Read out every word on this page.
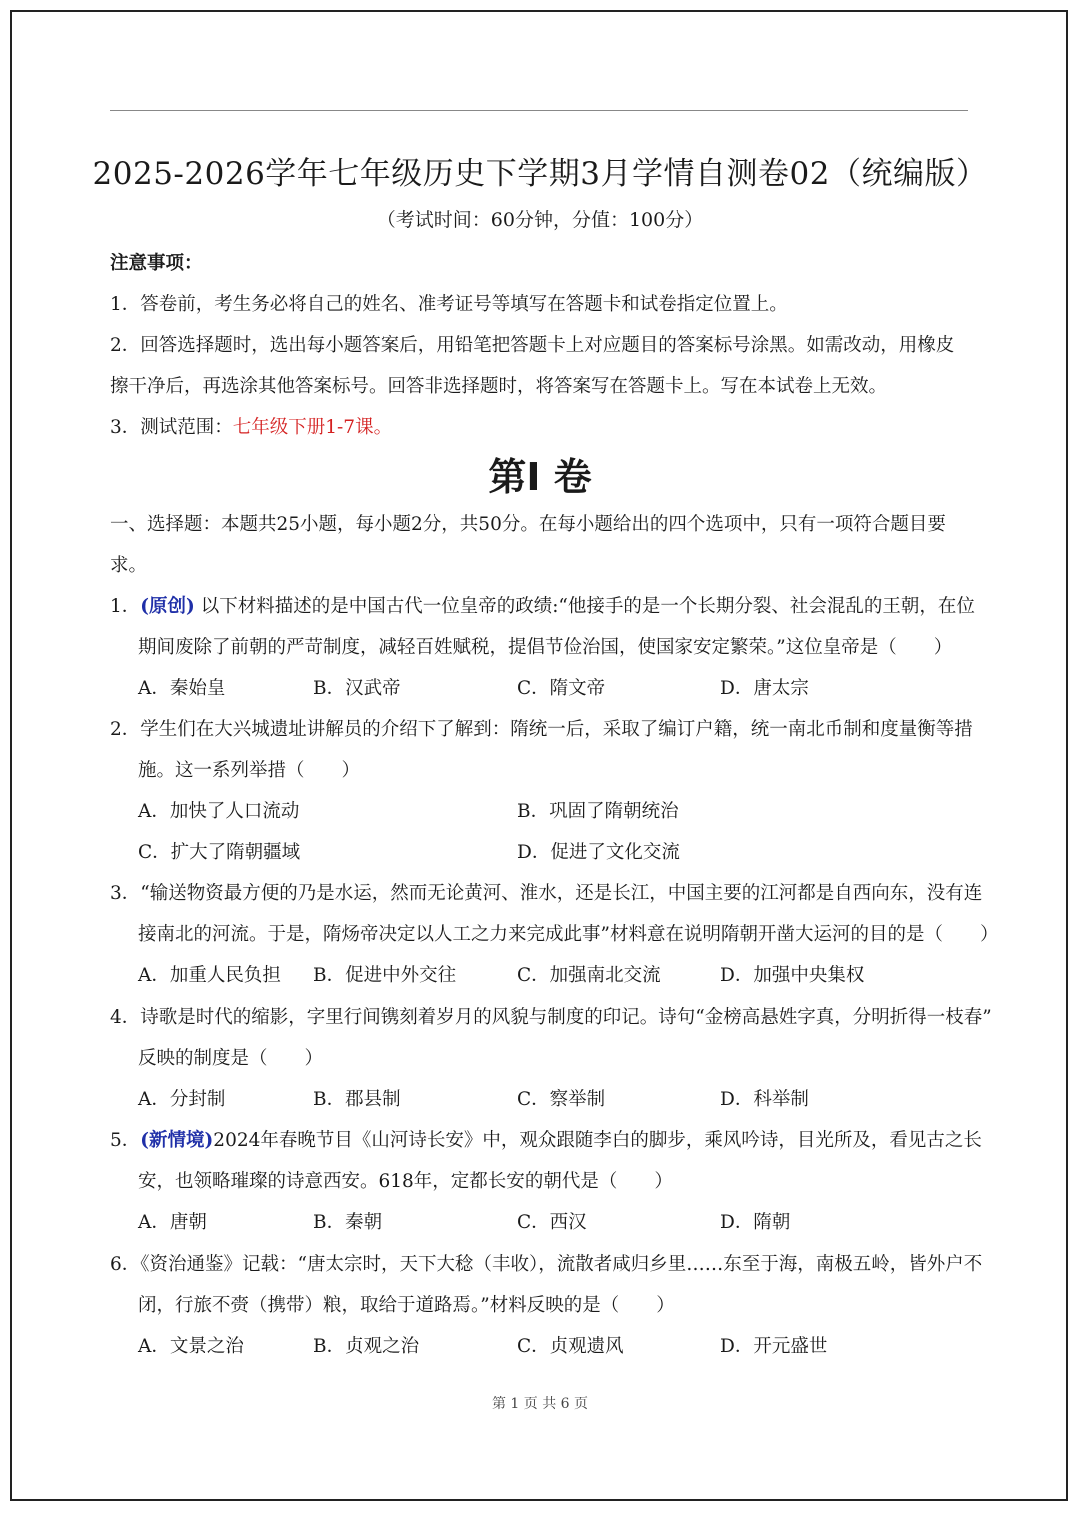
2025-2026学年七年级历史下学期3月学情自测卷02（统编版）
（考试时间：60分钟，分值：100分）
注意事项：
1．答卷前，考生务必将自己的姓名、准考证号等填写在答题卡和试卷指定位置上。
2．回答选择题时，选出每小题答案后，用铅笔把答题卡上对应题目的答案标号涂黑。如需改动，用橡皮
擦干净后，再选涂其他答案标号。回答非选择题时，将答案写在答题卡上。写在本试卷上无效。
3．测试范围：七年级下册1-7课。
第Ⅰ 卷
一、选择题：本题共25小题，每小题2分，共50分。在每小题给出的四个选项中，只有一项符合题目要
求。
1．(原创) 以下材料描述的是中国古代一位皇帝的政绩:“他接手的是一个长期分裂、社会混乱的王朝，在位
期间废除了前朝的严苛制度，减轻百姓赋税，提倡节俭治国，使国家安定繁荣。”这位皇帝是（　　）
A．秦始皇	B．汉武帝	C．隋文帝	D．唐太宗
2．学生们在大兴城遗址讲解员的介绍下了解到：隋统一后，采取了编订户籍，统一南北币制和度量衡等措
施。这一系列举措（　　）
A．加快了人口流动	B．巩固了隋朝统治
C．扩大了隋朝疆域	D．促进了文化交流
3．“输送物资最方便的乃是水运，然而无论黄河、淮水，还是长江，中国主要的江河都是自西向东，没有连
接南北的河流。于是，隋炀帝决定以人工之力来完成此事”材料意在说明隋朝开凿大运河的目的是（　　）
A．加重人民负担 B．促进中外交往	C．加强南北交流	D．加强中央集权
4．诗歌是时代的缩影，字里行间镌刻着岁月的风貌与制度的印记。诗句“金榜高悬姓字真，分明折得一枝春”
反映的制度是（　　）
A．分封制	B．郡县制	C．察举制	D．科举制
5．(新情境)2024年春晚节目《山河诗长安》中，观众跟随李白的脚步，乘风吟诗，目光所及，看见古之长
安，也领略璀璨的诗意西安。618年，定都长安的朝代是（　　）
A．唐朝	B．秦朝	C．西汉	D．隋朝
6．《资治通鉴》记载：“唐太宗时，天下大稔（丰收），流散者咸归乡里……东至于海，南极五岭，皆外户不
闭，行旅不赍（携带）粮，取给于道路焉。”材料反映的是（　　）
A．文景之治	B．贞观之治	C．贞观遗风	D．开元盛世
第 1 页 共 6 页
